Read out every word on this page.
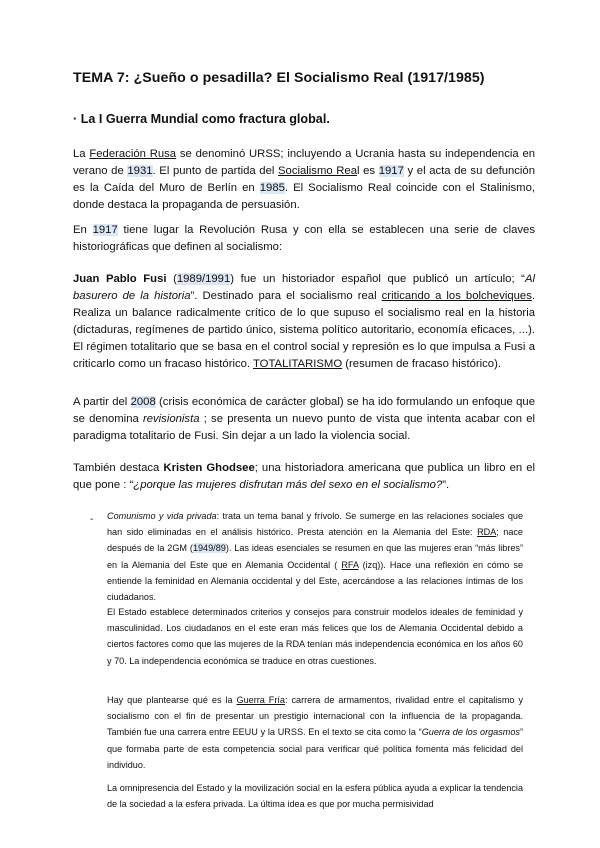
TEMA 7: ¿Sueño o pesadilla? El Socialismo Real (1917/1985)
· La I Guerra Mundial como fractura global.
La Federación Rusa se denominó URSS; incluyendo a Ucrania hasta su independencia en verano de 1931. El punto de partida del Socialismo Real es 1917 y el acta de su defunción es la Caída del Muro de Berlín en 1985. El Socialismo Real coincide con el Stalinismo, donde destaca la propaganda de persuasión.
En 1917 tiene lugar la Revolución Rusa y con ella se establecen una serie de claves historiográficas que definen al socialismo:
Juan Pablo Fusi (1989/1991) fue un historiador español que publicó un artículo; “Al basurero de la historia”. Destinado para el socialismo real criticando a los bolcheviques. Realiza un balance radicalmente crítico de lo que supuso el socialismo real en la historia (dictaduras, regímenes de partido único, sistema político autoritario, economía eficaces, ...). El régimen totalitario que se basa en el control social y represión es lo que impulsa a Fusi a criticarlo como un fracaso histórico. TOTALITARISMO (resumen de fracaso histórico).
A partir del 2008 (crisis económica de carácter global) se ha ido formulando un enfoque que se denomina revisionista ; se presenta un nuevo punto de vista que intenta acabar con el paradigma totalitario de Fusi. Sin dejar a un lado la violencia social.
También destaca Kristen Ghodsee; una historiadora americana que publica un libro en el que pone : “¿porque las mujeres disfrutan más del sexo en el socialismo?”.
- Comunismo y vida privada: trata un tema banal y frívolo. Se sumerge en las relaciones sociales que han sido eliminadas en el análisis histórico. Presta atención en la Alemania del Este: RDA; nace después de la 2GM (1949/89). Las ideas esenciales se resumen en que las mujeres eran “más libres” en la Alemania del Este que en Alemania Occidental ( RFA (izq)). Hace una reflexión en cómo se entiende la feminidad en Alemania occidental y del Este, acercándose a las relaciones íntimas de los ciudadanos.
El Estado establece determinados criterios y consejos para construir modelos ideales de feminidad y masculinidad. Los ciudadanos en el este eran más felices que los de Alemania Occidental debido a ciertos factores como que las mujeres de la RDA tenían más independencia económica en los años 60 y 70. La independencia económica se traduce en otras cuestiones.
Hay que plantearse qué es la Guerra Fría: carrera de armamentos, rivalidad entre el capitalismo y socialismo con el fin de presentar un prestigio internacional con la influencia de la propaganda. También fue una carrera entre EEUU y la URSS. En el texto se cita como la “Guerra de los orgasmos” que formaba parte de esta competencia social para verificar qué política fomenta más felicidad del individuo.
La omnipresencia del Estado y la movilización social en la esfera pública ayuda a explicar la tendencia de la sociedad a la esfera privada. La última idea es que por mucha permisividad
